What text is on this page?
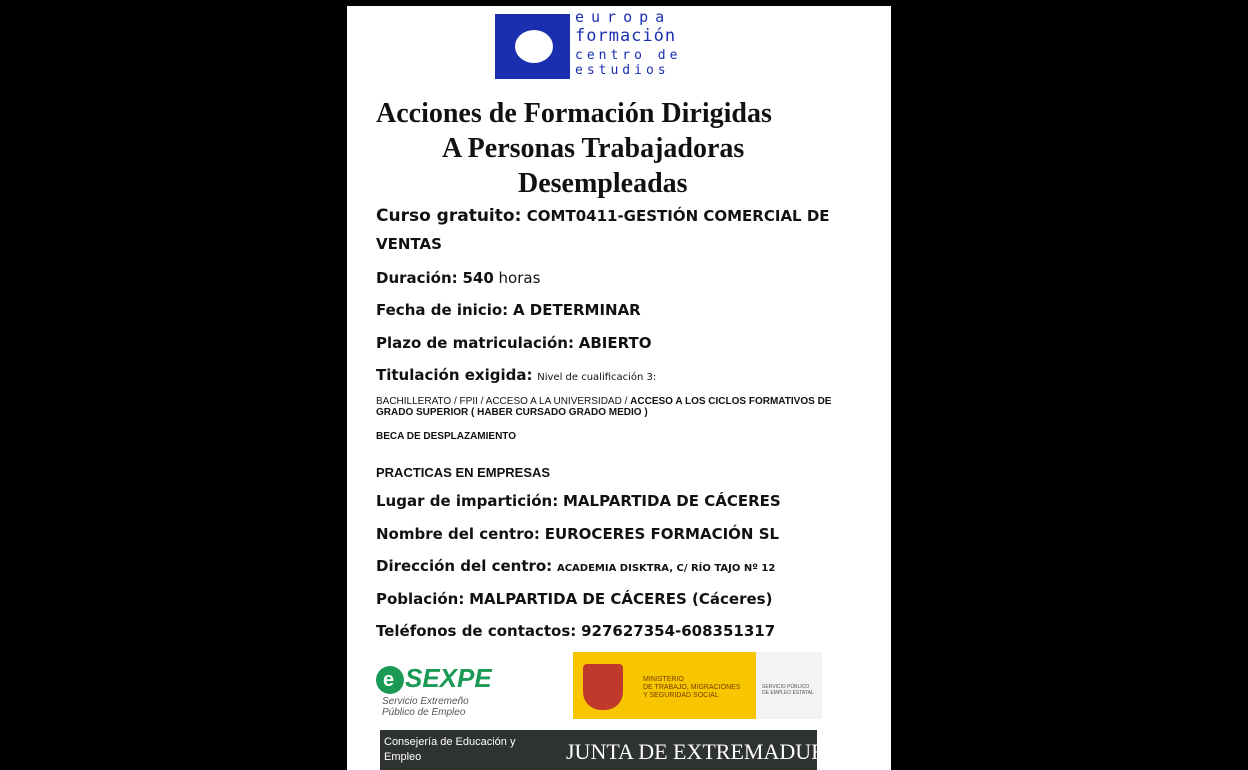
europa
formación
centro de
estudios
Acciones de Formación Dirigidas
A Personas Trabajadoras
Desempleadas
Curso gratuito: COMT0411-GESTIÓN COMERCIAL DE
VENTAS
Duración: 540 horas
Fecha de inicio: A DETERMINAR
Plazo de matriculación: ABIERTO
Titulación exigida: Nivel de cualificación 3:
BACHILLERATO / FPII / ACCESO A LA UNIVERSIDAD / ACCESO A LOS CICLOS FORMATIVOS DE
GRADO SUPERIOR ( HABER CURSADO GRADO MEDIO )
BECA DE DESPLAZAMIENTO
PRACTICAS EN EMPRESAS
Lugar de impartición: MALPARTIDA DE CÁCERES
Nombre del centro: EUROCERES FORMACIÓN SL
Dirección del centro: ACADEMIA DISKTRA, C/ RÍO TAJO Nº 12
Población: MALPARTIDA DE CÁCERES (Cáceres)
Teléfonos de contactos: 927627354-608351317
e SEXPE
Servicio Extremeño
Público de Empleo
MINISTERIO
DE TRABAJO, MIGRACIONES
Y SEGURIDAD SOCIAL
SERVICIO PÚBLICO
DE EMPLEO ESTATAL
Consejería de Educación y
Empleo	JUNTA DE EXTREMADURA
